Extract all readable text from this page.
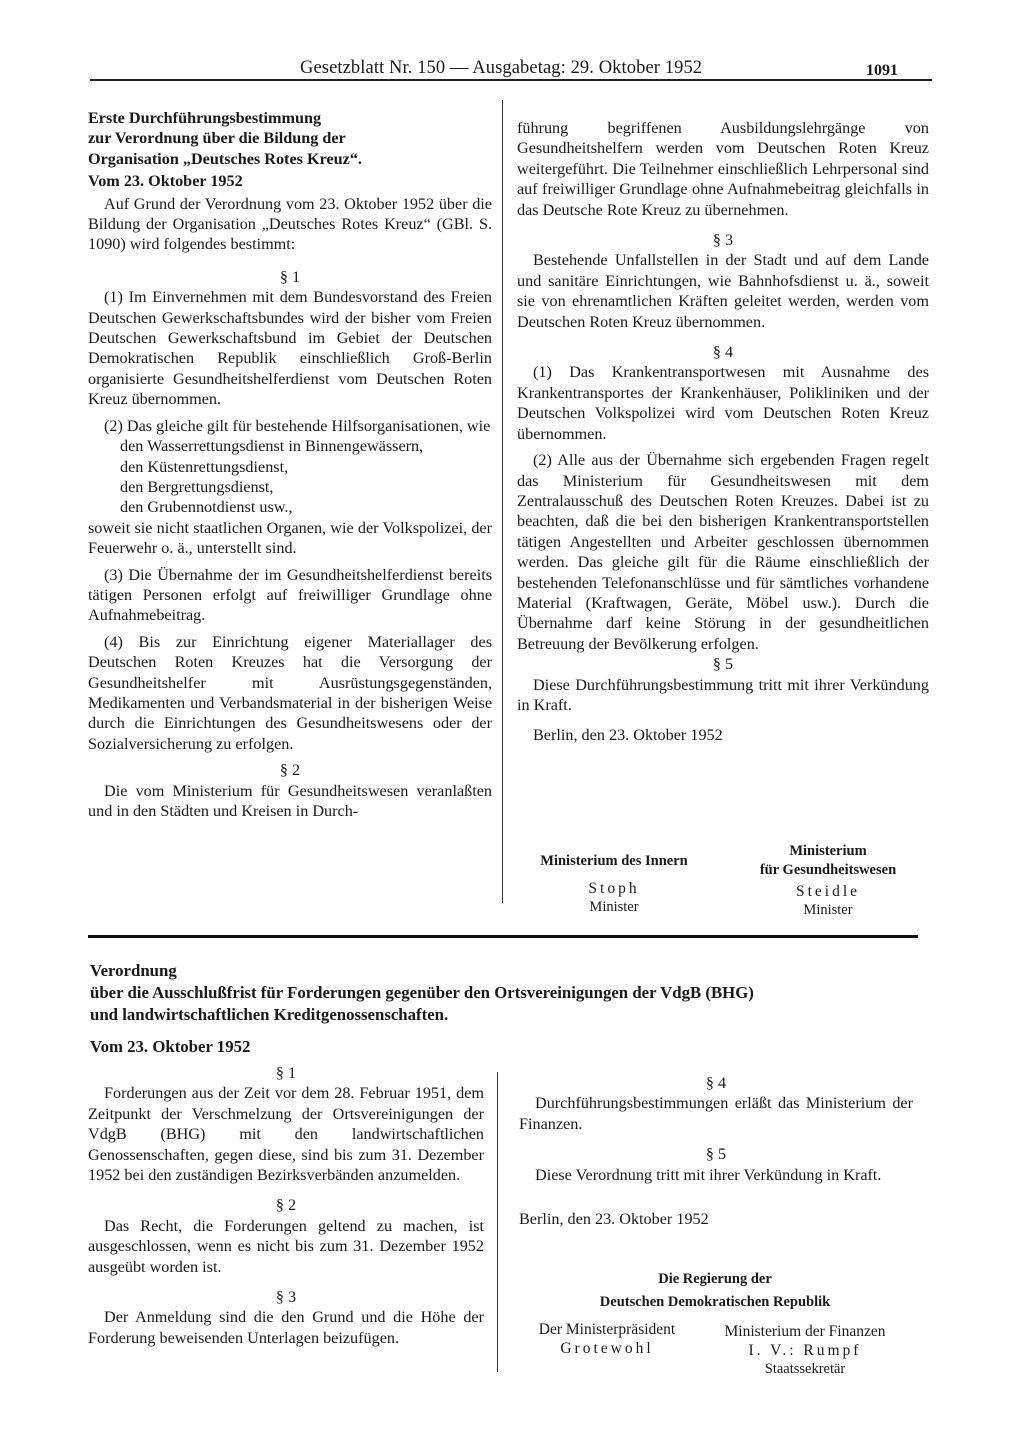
Gesetzblatt Nr. 150 — Ausgabetag: 29. Oktober 1952	1091

Erste Durchführungsbestimmung

zur Verordnung über die Bildung der

Organisation „Deutsches Rotes Kreuz“.

Vom 23. Oktober 1952

Auf Grund der Verordnung vom 23. Oktober 1952 über die Bildung der Organisation „Deutsches Rotes Kreuz“ (GBl. S. 1090) wird folgendes bestimmt:

§ 1

(1) Im Einvernehmen mit dem Bundesvorstand des Freien Deutschen Gewerkschaftsbundes wird der bisher vom Freien Deutschen Gewerkschaftsbund im Gebiet der Deutschen Demokratischen Republik einschließlich Groß-Berlin organisierte Gesundheitshelferdienst vom Deutschen Roten Kreuz übernommen.

(2) Das gleiche gilt für bestehende Hilfsorganisationen, wie

den Wasserrettungsdienst in Binnengewässern,

den Küstenrettungsdienst,

den Bergrettungsdienst,

den Grubennotdienst usw.,

soweit sie nicht staatlichen Organen, wie der Volkspolizei, der Feuerwehr o. ä., unterstellt sind.

(3) Die Übernahme der im Gesundheitshelferdienst bereits tätigen Personen erfolgt auf freiwilliger Grundlage ohne Aufnahmebeitrag.

(4) Bis zur Einrichtung eigener Materiallager des Deutschen Roten Kreuzes hat die Versorgung der Gesundheitshelfer mit Ausrüstungsgegenständen, Medikamenten und Verbandsmaterial in der bisherigen Weise durch die Einrichtungen des Gesundheitswesens oder der Sozialversicherung zu erfolgen.

§ 2

Die vom Ministerium für Gesundheitswesen veranlaßten und in den Städten und Kreisen in Durch-

führung begriffenen Ausbildungslehrgänge von Gesundheitshelfern werden vom Deutschen Roten Kreuz weitergeführt. Die Teilnehmer einschließlich Lehrpersonal sind auf freiwilliger Grundlage ohne Aufnahmebeitrag gleichfalls in das Deutsche Rote Kreuz zu übernehmen.

§ 3

Bestehende Unfallstellen in der Stadt und auf dem Lande und sanitäre Einrichtungen, wie Bahnhofsdienst u. ä., soweit sie von ehrenamtlichen Kräften geleitet werden, werden vom Deutschen Roten Kreuz übernommen.

§ 4

(1) Das Krankentransportwesen mit Ausnahme des Krankentransportes der Krankenhäuser, Polikliniken und der Deutschen Volkspolizei wird vom Deutschen Roten Kreuz übernommen.

(2) Alle aus der Übernahme sich ergebenden Fragen regelt das Ministerium für Gesundheitswesen mit dem Zentralausschuß des Deutschen Roten Kreuzes. Dabei ist zu beachten, daß die bei den bisherigen Krankentransportstellen tätigen Angestellten und Arbeiter geschlossen übernommen werden. Das gleiche gilt für die Räume einschließlich der bestehenden Telefonanschlüsse und für sämtliches vorhandene Material (Kraftwagen, Geräte, Möbel usw.). Durch die Übernahme darf keine Störung in der gesundheitlichen Betreuung der Bevölkerung erfolgen.

§ 5

Diese Durchführungsbestimmung tritt mit ihrer Verkündung in Kraft.

Berlin, den 23. Oktober 1952

Ministerium des Innern
Stoph
Minister
Ministerium
für Gesundheitswesen
Steidle
Minister

Verordnung

über die Ausschlußfrist für Forderungen gegenüber den Ortsvereinigungen der VdgB (BHG)

und landwirtschaftlichen Kreditgenossenschaften.

Vom 23. Oktober 1952

§ 1

Forderungen aus der Zeit vor dem 28. Februar 1951, dem Zeitpunkt der Verschmelzung der Ortsvereinigungen der VdgB (BHG) mit den landwirtschaftlichen Genossenschaften, gegen diese, sind bis zum 31. Dezember 1952 bei den zuständigen Bezirksverbänden anzumelden.

§ 2

Das Recht, die Forderungen geltend zu machen, ist ausgeschlossen, wenn es nicht bis zum 31. Dezember 1952 ausgeübt worden ist.

§ 3

Der Anmeldung sind die den Grund und die Höhe der Forderung beweisenden Unterlagen beizufügen.

§ 4

Durchführungsbestimmungen erläßt das Ministerium der Finanzen.

§ 5

Diese Verordnung tritt mit ihrer Verkündung in Kraft.

Berlin, den 23. Oktober 1952

Die Regierung der
Deutschen Demokratischen Republik
Der Ministerpräsident
Grotewohl
Ministerium der Finanzen
I. V.: Rumpf
Staatssekretär
